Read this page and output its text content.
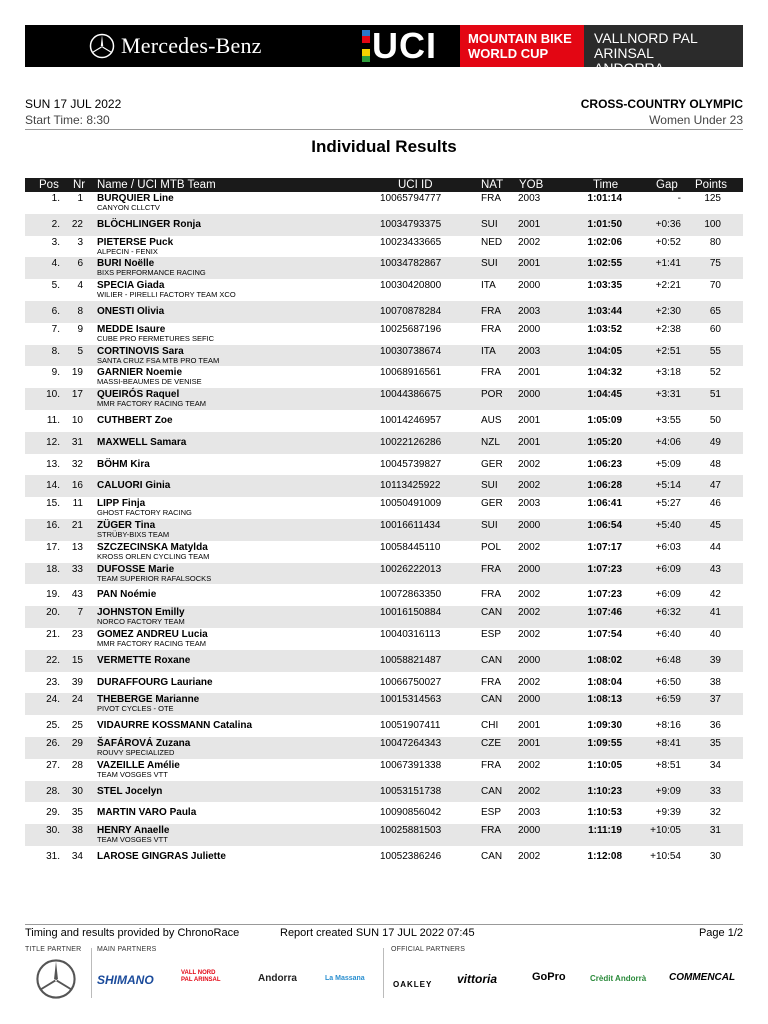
Mercedes-Benz	UCI MOUNTAIN BIKE
WORLD CUP
VALLNORD PAL ARINSAL
ANDORRA
SUN 17 JUL 2022
Start Time: 8:30
CROSS-COUNTRY OLYMPIC
Women Under 23
Individual Results
Pos Nr Name / UCI MTB Team	UCI ID	NAT YOB	Time	Gap Points
1. 1 BURQUIER Line
CANYON CLLCTV
10065794777	FRA 2003	1:01:14	- 125
2. 22 BLÖCHLINGER Ronja	10034793375	SUI 2001	1:01:50	+0:36 100
3. 3 PIETERSE Puck
ALPECIN - FENIX
10023433665	NED 2002	1:02:06	+0:52	80
4. 6 BURI Noëlle
BIXS PERFORMANCE RACING
10034782867	SUI 2001	1:02:55	+1:41	75
5. 4 SPECIA Giada
WILIER - PIRELLI FACTORY TEAM XCO
10030420800	ITA 2000	1:03:35	+2:21	70
6. 8 ONESTI Olivia	10070878284	FRA 2003	1:03:44	+2:30	65
7. 9 MEDDE Isaure
CUBE PRO FERMETURES SEFIC
10025687196	FRA 2000	1:03:52	+2:38	60
8. 5 CORTINOVIS Sara
SANTA CRUZ FSA MTB PRO TEAM
10030738674	ITA 2003	1:04:05	+2:51	55
9. 19 GARNIER Noemie
MASSI-BEAUMES DE VENISE
10068916561	FRA 2001	1:04:32	+3:18	52
10. 17 QUEIRÓS Raquel
MMR FACTORY RACING TEAM
10044386675	POR 2000	1:04:45	+3:31	51
11. 10 CUTHBERT Zoe	10014246957	AUS 2001	1:05:09	+3:55	50
12. 31 MAXWELL Samara	10022126286	NZL 2001	1:05:20	+4:06	49
13. 32 BÖHM Kira	10045739827	GER 2002	1:06:23	+5:09	48
14. 16 CALUORI Ginia	10113425922	SUI 2002	1:06:28	+5:14	47
15. 11 LIPP Finja
GHOST FACTORY RACING
10050491009	GER 2003	1:06:41	+5:27	46
16. 21 ZÜGER Tina
STRÜBY-BIXS TEAM
10016611434	SUI 2000	1:06:54	+5:40	45
17. 13 SZCZECINSKA Matylda
KROSS ORLEN CYCLING TEAM
10058445110	POL 2002	1:07:17	+6:03	44
18. 33 DUFOSSE Marie
TEAM SUPERIOR RAFALSOCKS
10026222013	FRA 2000	1:07:23	+6:09	43
19. 43 PAN Noémie	10072863350	FRA 2002	1:07:23	+6:09	42
20. 7 JOHNSTON Emilly
NORCO FACTORY TEAM
10016150884	CAN 2002	1:07:46	+6:32	41
21. 23 GOMEZ ANDREU Lucia
MMR FACTORY RACING TEAM
10040316113	ESP 2002	1:07:54	+6:40	40
22. 15 VERMETTE Roxane	10058821487	CAN 2000	1:08:02	+6:48	39
23. 39 DURAFFOURG Lauriane	10066750027	FRA 2002	1:08:04	+6:50	38
24. 24 THEBERGE Marianne
PIVOT CYCLES - OTE
10015314563	CAN 2000	1:08:13	+6:59	37
25. 25 VIDAURRE KOSSMANN Catalina	10051907411	CHI 2001	1:09:30	+8:16	36
26. 29 ŠAFÁROVÁ Zuzana
ROUVY SPECIALIZED
10047264343	CZE 2001	1:09:55	+8:41	35
27. 28 VAZEILLE Amélie
TEAM VOSGES VTT
10067391338	FRA 2002	1:10:05	+8:51	34
28. 30 STEL Jocelyn	10053151738	CAN 2002	1:10:23	+9:09	33
29. 35 MARTIN VARO Paula	10090856042	ESP 2003	1:10:53	+9:39	32
30. 38 HENRY Anaelle
TEAM VOSGES VTT
10025881503	FRA 2000	1:11:19	+10:05	31
31. 34 LAROSE GINGRAS Juliette	10052386246	CAN 2002	1:12:08	+10:54	30
Timing and results provided by ChronoRace	Report created SUN 17 JUL 2022 07:45	Page 1/2
TITLE PARTNER MAIN PARTNERS
SHIMANO	VALL NORD PAL ARINSAL	Andorra	La Massana
OFFICIAL PARTNERS
OAKLEY vittoria	GoPro	Crèdit Andorrà COMMENCAL
